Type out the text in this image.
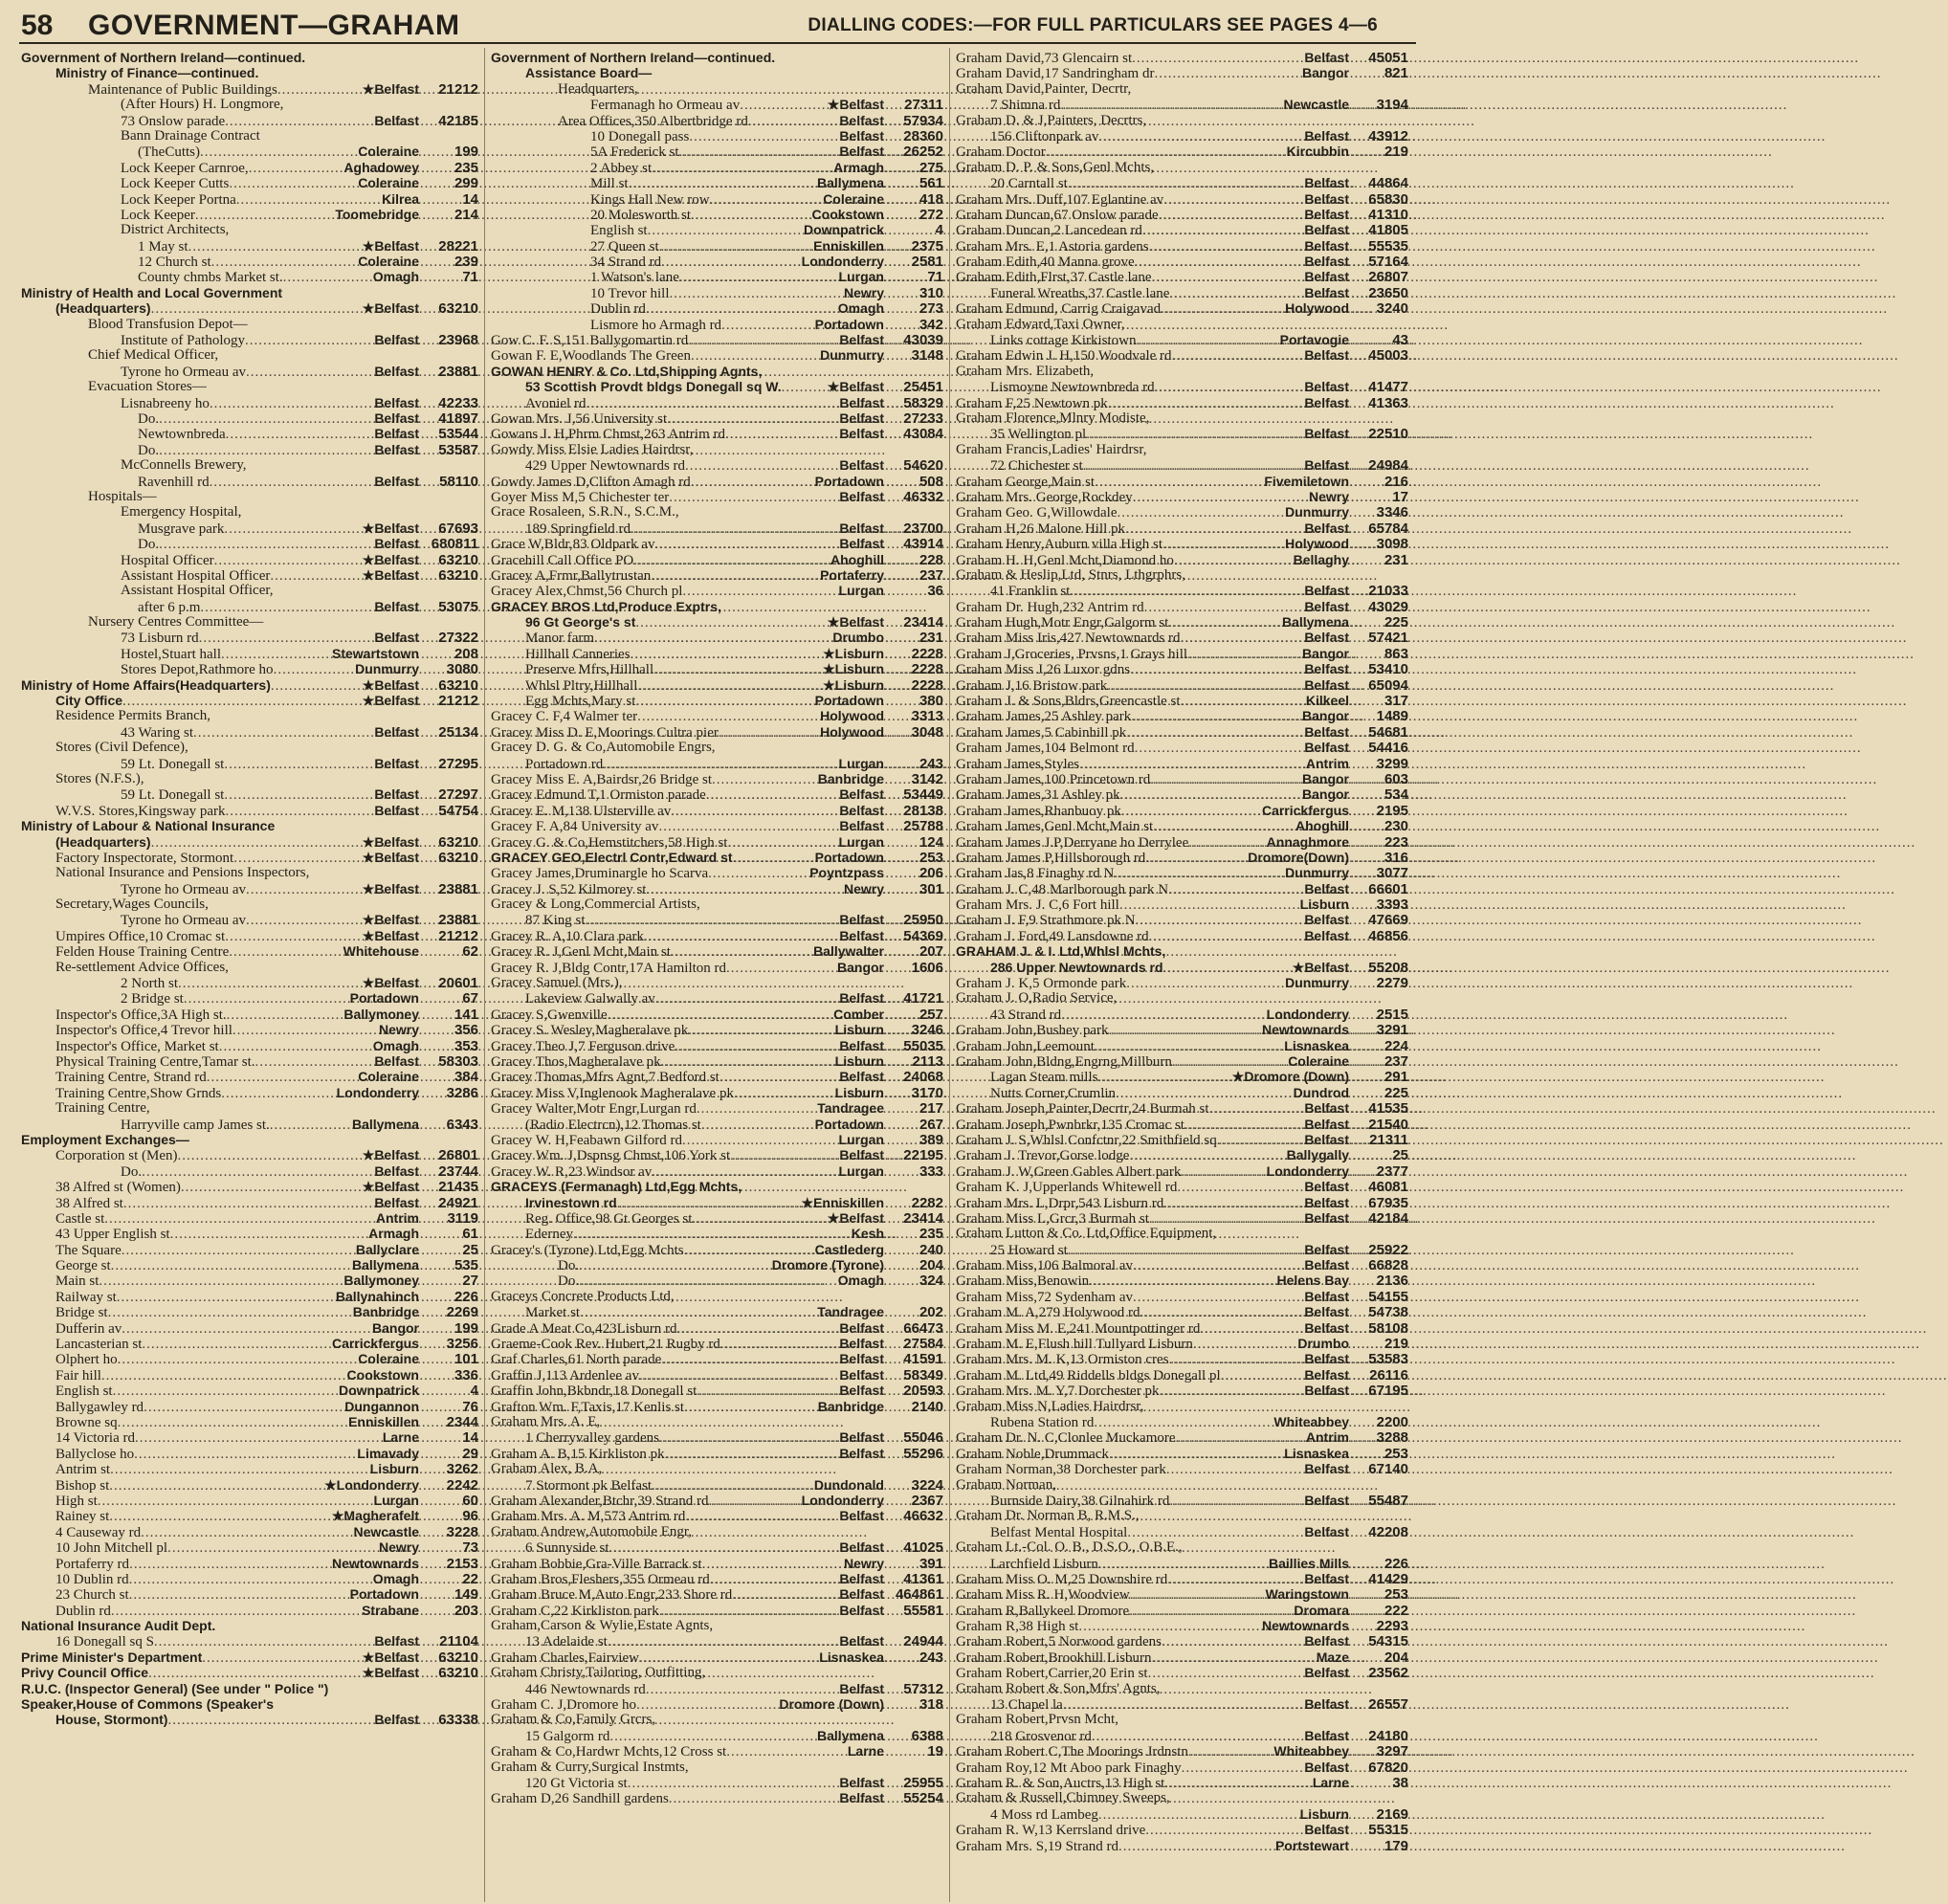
58 GOVERNMENT—GRAHAM	DIALLING CODES:—FOR FULL PARTICULARS SEE PAGES 4—6
Government of Northern Ireland—continued.
Ministry of Finance—continued.
Maintenance of Public Buildings .....	★Belfast	21212
(After Hours) H. Longmore,
73 Onslow parade .....	Belfast	42185
Bann Drainage Contract
(TheCutts) .....	Coleraine	199
Lock Keeper Carnroe, .....	Aghadowey	235
Lock Keeper Cutts .....	Coleraine	299
Lock Keeper Portna .....	Kilrea	14
Lock Keeper .....	Toomebridge	214
District Architects,
1 May st .....	★Belfast	28221
12 Church st .....	Coleraine	239
County chmbs Market st. .....	Omagh	71
Ministry of Health and Local Government
(Headquarters) .....	★Belfast	63210
Blood Transfusion Depot—
Institute of Pathology .....	Belfast	23968
Chief Medical Officer,
Tyrone ho Ormeau av .....	Belfast	23881
Evacuation Stores—
Lisnabreeny ho .....	Belfast	42233
Do. .....	Belfast	41897
Newtownbreda .....	Belfast	53544
Do. .....	Belfast	53587
McConnells Brewery,
Ravenhill rd .....	Belfast	58110
Hospitals—
Emergency Hospital,
Musgrave park .....	★Belfast	67693
Do. .....	Belfast 680811
Hospital Officer .....	★Belfast	63210
Assistant Hospital Officer .....	★Belfast	63210
Assistant Hospital Officer,
after 6 p.m .....	Belfast	53075
Nursery Centres Committee—
73 Lisburn rd .....	Belfast	27322
Hostel,Stuart hall .....	Stewartstown	208
Stores Depot,Rathmore ho .....	Dunmurry	3080
Ministry of Home Affairs(Headquarters) .....	★Belfast	63210
City Office .....	★Belfast	21212
Residence Permits Branch,
43 Waring st .....	Belfast	25134
Stores (Civil Defence),
59 Lt. Donegall st .....	Belfast	27295
Stores (N.F.S.),
59 Lt. Donegall st .....	Belfast	27297
W.V.S. Stores,Kingsway park .....	Belfast	54754
Ministry of Labour & National Insurance
(Headquarters) .....	★Belfast	63210
Factory Inspectorate, Stormont .....	★Belfast	63210
National Insurance and Pensions Inspectors,
Tyrone ho Ormeau av .....	★Belfast	23881
Secretary,Wages Councils,
Tyrone ho Ormeau av .....	★Belfast	23881
Umpires Office,10 Cromac st .....	★Belfast	21212
Felden House Training Centre .....	Whitehouse	62
Re-settlement Advice Offices,
2 North st .....	★Belfast	20601
2 Bridge st .....	Portadown	67
Inspector's Office,3A High st. .....	Ballymoney	141
Inspector's Office,4 Trevor hill .....	Newry	356
Inspector's Office, Market st .....	Omagh	353
Physical Training Centre,Tamar st. .....	Belfast	58303
Training Centre, Strand rd .....	Coleraine	384
Training Centre,Show Grnds .....	Londonderry	3286
Training Centre,
Harryville camp James st. .....	Ballymena	6343
Employment Exchanges—
Corporation st (Men) .....	★Belfast	26801
Do. .....	Belfast	23744
38 Alfred st (Women) .....	★Belfast	21435
38 Alfred st .....	Belfast	24921
Castle st .....	Antrim	3119
43 Upper English st .....	Armagh	61
The Square .....	Ballyclare	25
George st .....	Ballymena	535
Main st .....	Ballymoney	27
Railway st .....	Ballynahinch	226
Bridge st .....	Banbridge	2269
Dufferin av .....	Bangor	199
Lancasterian st .....	Carrickfergus	3256
Olphert ho .....	Coleraine	101
Fair hill .....	Cookstown	336
English st .....	Downpatrick	4
Ballygawley rd .....	Dungannon	76
Browne sq .....	Enniskillen	2344
14 Victoria rd .....	Larne	14
Ballyclose ho .....	Limavady	29
Antrim st .....	Lisburn	3262
Bishop st .....	★Londonderry	2242
High st .....	Lurgan	60
Rainey st .....	★Magherafelt	96
4 Causeway rd .....	Newcastle	3228
10 John Mitchell pl .....	Newry	73
Portaferry rd .....	Newtownards	2153
10 Dublin rd .....	Omagh	22
23 Church st .....	Portadown	149
Dublin rd .....	Strabane	203
National Insurance Audit Dept.
16 Donegall sq S .....	Belfast	21104
Prime Minister's Department .....	★Belfast	63210
Privy Council Office .....	★Belfast	63210
R.U.C. (Inspector General) (See under " Police ")
Speaker,House of Commons (Speaker's
House, Stormont) .....	Belfast	63338
Government of Northern Ireland—continued.
Assistance Board—
Headquarters,
Fermanagh ho Ormeau av .....	★Belfast	27311
Area Offices,350 Albertbridge rd .....	Belfast	57934
10 Donegall pass .....	Belfast	28360
5A Frederick st .....	Belfast	26252
2 Abbey st .....	Armagh	275
Mill st .....	Ballymena	561
Kings Hall New row .....	Coleraine	418
20 Molesworth st .....	Cookstown	272
English st .....	Downpatrick	4
27 Queen st .....	Enniskillen	2375
34 Strand rd .....	Londonderry	2581
1 Watson's lane .....	Lurgan	71
10 Trevor hill .....	Newry	310
Dublin rd .....	Omagh	273
Lismore ho Armagh rd .....	Portadown	342
Gow C. F. S,151 Ballygomartin rd .....	Belfast	43039
Gowan F. E,Woodlands The Green .....	Dunmurry	3148
GOWAN HENRY & Co. Ltd,Shipping Agnts,
53 Scottish Provdt bldgs Donegall sq W. .....	★Belfast	25451
Avoniel rd .....	Belfast	58329
Gowan Mrs. J,56 University st .....	Belfast	27233
Gowans J. H,Phrm Chmst,263 Antrim rd .....	Belfast	43084
Gowdy Miss Elsie Ladies Hairdrsr,
429 Upper Newtownards rd .....	Belfast	54620
Gowdy James D,Clifton Amagh rd .....	Portadown	508
Goyer Miss M,5 Chichester ter .....	Belfast	46332
Grace Rosaleen, S.R.N., S.C.M.,
189 Springfield rd .....	Belfast	23700
Grace W,Bldr,83 Oldpark av .....	Belfast	43914
Gracehill Call Office PO .....	Ahoghill	228
Gracey A,Frmr,Ballytrustan .....	Portaferry	237
Gracey Alex,Chmst,56 Church pl .....	Lurgan	36
GRACEY BROS Ltd,Produce Exptrs,
96 Gt George's st .....	★Belfast	23414
Manor farm .....	Drumbo	231
Hillhall Canneries .....	★Lisburn	2228
Preserve Mfrs,Hillhall .....	★Lisburn	2228
Whlsl Pltry,Hillhall .....	★Lisburn	2228
Egg Mchts,Mary st .....	Portadown	380
Gracey C. F,4 Walmer ter .....	Holywood	3313
Gracey Miss D. E,Moorings Cultra pier .....	Holywood	3048
Gracey D. G. & Co,Automobile Engrs,
Portadown rd .....	Lurgan	243
Gracey Miss E. A,Bairdsr,26 Bridge st .....	Banbridge	3142
Gracey Edmund T,1 Ormiston parade .....	Belfast	53449
Gracey E. M,138 Ulsterville av .....	Belfast	28138
Gracey F. A,84 University av .....	Belfast	25788
Gracey G. & Co,Hemstitchers,58 High st .....	Lurgan	124
GRACEY GEO,Electrl Contr,Edward st .....	Portadown	253
Gracey James,Druminargle ho Scarva .....	Poyntzpass	206
Gracey J. S,52 Kilmorey st .....	Newry	301
Gracey & Long,Commercial Artists,
87 King st .....	Belfast	25950
Gracey R. A,10 Clara park .....	Belfast	54369
Gracey R. J,Genl Mcht,Main st .....	Ballywalter	207
Gracey R. J,Bldg Contr,17A Hamilton rd .....	Bangor	1606
Gracey Samuel (Mrs.),
Lakeview Galwally av .....	Belfast	41721
Gracey S,Gwenville .....	Comber	257
Gracey S. Wesley,Magheralave pk .....	Lisburn	3246
Gracey Theo J,7 Ferguson drive .....	Belfast	55035
Gracey Thos,Magheralave pk .....	Lisburn	2113
Gracey Thomas,Mfrs Agnt,7 Bedford st .....	Belfast	24068
Gracey Miss V,Inglenook Magheralave pk .....	Lisburn	3170
Gracey Walter,Motr Engr,Lurgan rd .....	Tandragee	217
(Radio Electrcn),12 Thomas st .....	Portadown	267
Gracey W. H,Feabawn Gilford rd .....	Lurgan	389
Gracey Wm. J,Dspnsg Chmst,106 York st .....	Belfast	22195
Gracey W. R,23 Windsor av .....	Lurgan	333
GRACEYS (Fermanagh) Ltd,Egg Mchts,
Irvinestown rd .....	★Enniskillen	2282
Reg. Office,98 Gt Georges st .....	★Belfast	23414
Ederney .....	Kesh	235
Gracey's (Tyrone) Ltd,Egg Mchts .....	Castlederg	240
Do. .....	Dromore (Tyrone)	204
Do. .....	Omagh	324
Graceys Concrete Products Ltd,
Market st .....	Tandragee	202
Grade A Meat Co,423Lisburn rd .....	Belfast	66473
Graeme-Cook Rev. Hubert,21 Rugby rd .....	Belfast	27584
Graf Charles,61 North parade .....	Belfast	41591
Graffin J,113 Ardenlee av .....	Belfast	58349
Graffin John,Bkbndr,18 Donegall st .....	Belfast	20593
Grafton Wm. F,Taxis,17 Kenlis st .....	Banbridge	2140
Graham Mrs. A. E,
1 Cherryvalley gardens .....	Belfast	55046
Graham A. B,15 Kirkliston pk .....	Belfast	55296
Graham Alex, B.A,
7 Stormont pk Belfast .....	Dundonald	3224
Graham Alexander,Btchr,39 Strand rd .....	Londonderry	2367
Graham Mrs. A. M,573 Antrim rd .....	Belfast	46632
Graham Andrew,Automobile Engr,
6 Sunnyside st .....	Belfast	41025
Graham Bobbie,Gra-Ville Barrack st .....	Newry	391
Graham Bros,Fleshers,355 Ormeau rd .....	Belfast	41361
Graham Bruce M,Auto Engr,233 Shore rd .....	Belfast 464861
Graham C,22 Kirkliston park .....	Belfast	55581
Graham,Carson & Wylie,Estate Agnts,
13 Adelaide st .....	Belfast	24944
Graham Charles,Fairview .....	Lisnaskea	243
Graham Christy,Tailoring, Outfitting,
446 Newtownards rd .....	Belfast	57312
Graham C. J,Dromore ho .....	Dromore (Down)	318
Graham & Co,Family Grcrs,
15 Galgorm rd .....	Ballymena	6388
Graham & Co,Hardwr Mchts,12 Cross st .....	Larne	19
Graham & Curry,Surgical Instmts,
120 Gt Victoria st .....	Belfast	25955
Graham D,26 Sandhill gardens .....	Belfast	55254
Graham David,73 Glencairn st .....	Belfast	45051
Graham David,17 Sandringham dr .....	Bangor	821
Graham David,Painter, Decrtr,
7 Shimna rd .....	Newcastle	3194
Graham D. & J,Painters, Decrtrs,
156 Cliftonpark av .....	Belfast	43912
Graham Doctor .....	Kircubbin	219
Graham D. P. & Sons,Genl Mchts,
20 Carntall st .....	Belfast	44864
Graham Mrs. Duff,107 Eglantine av .....	Belfast	65830
Graham Duncan,67 Onslow parade .....	Belfast	41310
Graham Duncan,2 Lancedean rd .....	Belfast	41805
Graham Mrs. E,1 Astoria gardens .....	Belfast	55535
Graham Edith,40 Manna grove .....	Belfast	57164
Graham Edith,Flrst,37 Castle lane .....	Belfast	26807
Funeral Wreaths,37 Castle lane .....	Belfast	23650
Graham Edmund, Carrig Craigavad .....	Holywood	3240
Graham Edward,Taxi Owner,
Links cottage Kirkistown .....	Portavogie	43
Graham Edwin J. H,150 Woodvale rd .....	Belfast	45003
Graham Mrs. Elizabeth,
Lismoyne Newtownbreda rd .....	Belfast	41477
Graham F,25 Newtown pk .....	Belfast	41363
Graham Florence,Mlnry Modiste,
35 Wellington pl .....	Belfast	22510
Graham Francis,Ladies' Hairdrsr,
72 Chichester st .....	Belfast	24984
Graham George,Main st .....	Fivemiletown	216
Graham Mrs. George,Rockdey .....	Newry	17
Graham Geo. G,Willowdale .....	Dunmurry	3346
Graham H,26 Malone Hill pk .....	Belfast	65784
Graham Henry,Auburn villa High st .....	Holywood	3098
Graham H. H,Genl Mcht,Diamond ho .....	Bellaghy	231
Graham & Heslip,Ltd, Stnrs, Lthgrphrs,
41 Franklin st .....	Belfast	21033
Graham Dr. Hugh,232 Antrim rd .....	Belfast	43029
Graham Hugh,Motr Engr,Galgorm st .....	Ballymena	225
Graham Miss Iris,427 Newtownards rd .....	Belfast	57421
Graham J,Groceries, Prvsns,1 Grays hill .....	Bangor	863
Graham Miss J,26 Luxor gdns .....	Belfast	53410
Graham J,16 Bristow park .....	Belfast	65094
Graham J. & Sons,Bldrs,Greencastle st .....	Kilkeel	317
Graham James,25 Ashley park .....	Bangor	1489
Graham James,5 Cabinhill pk .....	Belfast	54681
Graham James,104 Belmont rd .....	Belfast	54416
Graham James,Styles .....	Antrim	3299
Graham James,100 Princetown rd .....	Bangor	603
Graham James,31 Ashley pk .....	Bangor	534
Graham James,Rhanbuoy pk .....	Carrickfergus	2195
Graham James,Genl Mcht,Main st .....	Ahoghill	230
Graham James J.P,Derryane ho Derrylee .....	Annaghmore	223
Graham James P,Hillsborough rd. .....	Dromore(Down)	316
Graham Jas,8 Finaghy rd N .....	Dunmurry	3077
Graham J. C,48 Marlborough park N .....	Belfast	66601
Graham Mrs. J. C,6 Fort hill .....	Lisburn	3393
Graham J. F,9 Strathmore pk N .....	Belfast	47669
Graham J. Ford,49 Lansdowne rd .....	Belfast	46856
GRAHAM J. & I. Ltd,Whlsl Mchts,
286 Upper Newtownards rd .....	★Belfast	55208
Graham J. K,5 Ormonde park .....	Dunmurry	2279
Graham J. O,Radio Service,
43 Strand rd .....	Londonderry	2515
Graham John,Bushey park .....	Newtownards	3291
Graham John,Leemount .....	Lisnaskea	224
Graham John,Bldng,Engrng,Millburn .....	Coleraine	237
Lagan Steam mills .....	★Dromore (Down)	291
Nutts Corner,Crumlin .....	Dundrod	225
Graham Joseph,Painter,Decrtr,24 Burmah st .....	Belfast	41535
Graham Joseph,Pwnbrkr,135 Cromac st .....	Belfast	21540
Graham J. S,Whlsl Confctnr,22 Smithfield sq .....	Belfast	21311
Graham J. Trevor,Gorse lodge .....	Ballygally	25
Graham J. W,Green Gables Albert park .....	Londonderry	2377
Graham K. J,Upperlands Whitewell rd .....	Belfast	46081
Graham Mrs. L,Drpr,543 Lisburn rd .....	Belfast	67935
Graham Miss L,Grcr,3 Burmah st .....	Belfast	42184
Graham Lutton & Co. Ltd,Office Equipment,
25 Howard st .....	Belfast	25922
Graham Miss,106 Balmoral av .....	Belfast	66828
Graham Miss,Benowin .....	Helens Bay	2136
Graham Miss,72 Sydenham av .....	Belfast	54155
Graham M. A,279 Holywood rd .....	Belfast	54738
Graham Miss M. E,241 Mountpottinger rd .....	Belfast	58108
Graham M. E,Flush hill Tullyard Lisburn .....	Drumbo	219
Graham Mrs. M. K,13 Ormiston cres .....	Belfast	53583
Graham M. Ltd,49 Riddells bldgs Donegall pl .....	Belfast	26116
Graham Mrs. M. Y,7 Dorchester pk .....	Belfast	67195
Graham Miss N,Ladies Hairdrsr,
Rubena Station rd .....	Whiteabbey	2200
Graham Dr. N. C,Clonlee Muckamore .....	Antrim	3288
Graham Noble,Drummack .....	Lisnaskea	253
Graham Norman,38 Dorchester park .....	Belfast	67140
Graham Norman,
Burnside Dairy,38 Gilnahirk rd .....	Belfast	55487
Graham Dr. Norman B, R.M.S.,
Belfast Mental Hospital .....	Belfast	42208
Graham Lt.-Col. O. B., D.S.O., O.B.E.,
Larchfield Lisburn .....	Baillies Mills	226
Graham Miss O. M,25 Downshire rd .....	Belfast	41429
Graham Miss R. H,Woodview .....	Waringstown	253
Graham R,Ballykeel Dromore .....	Dromara	222
Graham R,38 High st .....	Newtownards	2293
Graham Robert,5 Norwood gardens .....	Belfast	54315
Graham Robert,Brookhill Lisburn .....	Maze	204
Graham Robert,Carrier,20 Erin st .....	Belfast	23562
Graham Robert & Son,Mfrs' Agnts,
13 Chapel la .....	Belfast	26557
Graham Robert,Prvsn Mcht,
218 Grosvenor rd .....	Belfast	24180
Graham Robert C,The Moorings Jrdnstn .....	Whiteabbey	3297
Graham Roy,12 Mt Aboo park Finaghy .....	Belfast	67820
Graham R. & Son,Auctrs,13 High st .....	Larne	38
Graham & Russell,Chimney Sweeps,
4 Moss rd Lambeg .....	Lisburn	2169
Graham R. W,13 Kerrsland drive .....	Belfast	55315
Graham Mrs. S,19 Strand rd .....	Portstewart	179
